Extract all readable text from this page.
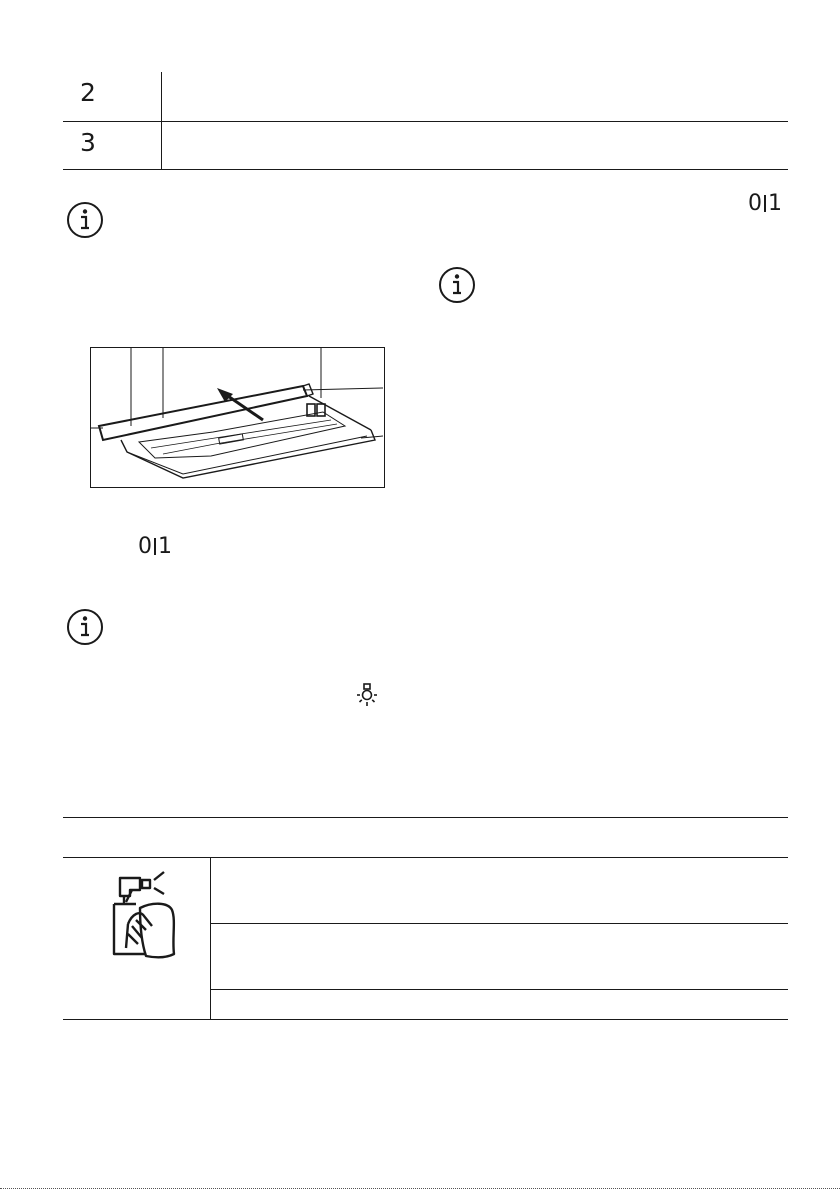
2
3
0 1
0 1
